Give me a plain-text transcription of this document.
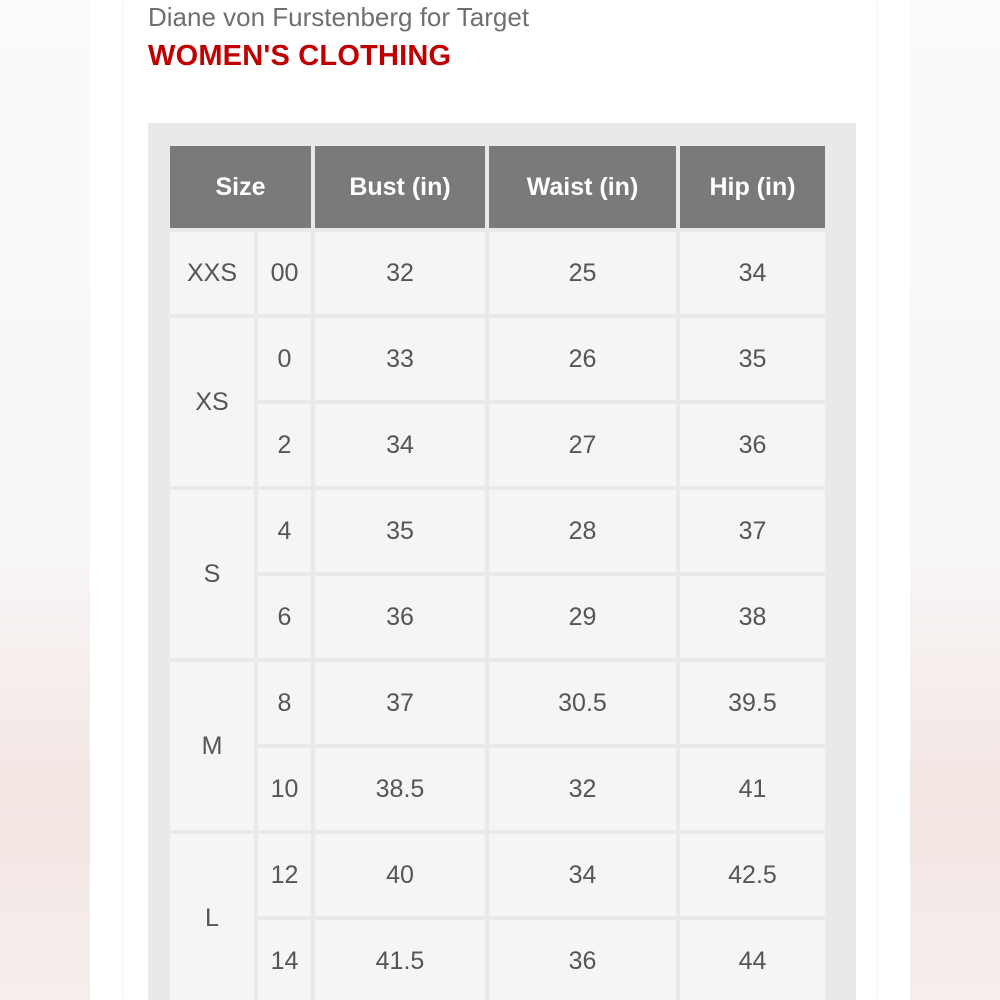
Diane von Furstenberg for Target
WOMEN'S CLOTHING
Size		Bust (in)	Waist (in)	Hip (in)
XXS	00	32	25	34
XS	0	33	26	35
	2	34	27	36
S	4	35	28	37
	6	36	29	38
M	8	37	30.5	39.5
	10	38.5	32	41
L	12	40	34	42.5
	14	41.5	36	44
